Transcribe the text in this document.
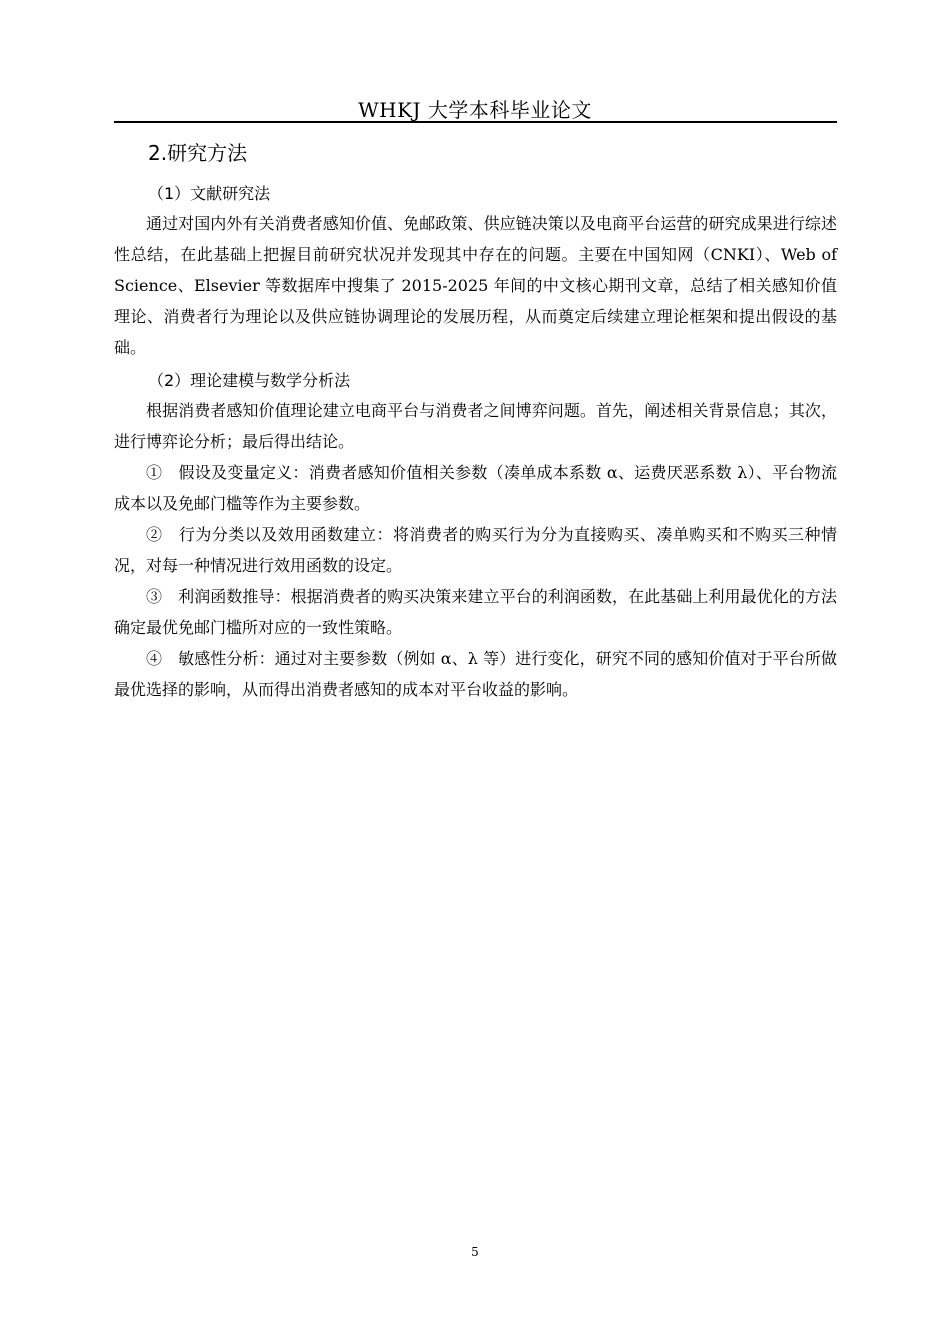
WHKJ 大学本科毕业论文
2.研究方法
（1）文献研究法

通过对国内外有关消费者感知价值、免邮政策、供应链决策以及电商平台运营的研究成果进行综述性总结，在此基础上把握目前研究状况并发现其中存在的问题。主要在中国知网（CNKI）、Web of Science、Elsevier 等数据库中搜集了 2015-2025 年间的中文核心期刊文章，总结了相关感知价值理论、消费者行为理论以及供应链协调理论的发展历程，从而奠定后续建立理论框架和提出假设的基础。

（2）理论建模与数学分析法

根据消费者感知价值理论建立电商平台与消费者之间博弈问题。首先，阐述相关背景信息；其次，进行博弈论分析；最后得出结论。

①　假设及变量定义：消费者感知价值相关参数（凑单成本系数 α、运费厌恶系数 λ）、平台物流成本以及免邮门槛等作为主要参数。

②　行为分类以及效用函数建立：将消费者的购买行为分为直接购买、凑单购买和不购买三种情况，对每一种情况进行效用函数的设定。

③　利润函数推导：根据消费者的购买决策来建立平台的利润函数，在此基础上利用最优化的方法确定最优免邮门槛所对应的一致性策略。

④　敏感性分析：通过对主要参数（例如 α、λ 等）进行变化，研究不同的感知价值对于平台所做最优选择的影响，从而得出消费者感知的成本对平台收益的影响。

5
